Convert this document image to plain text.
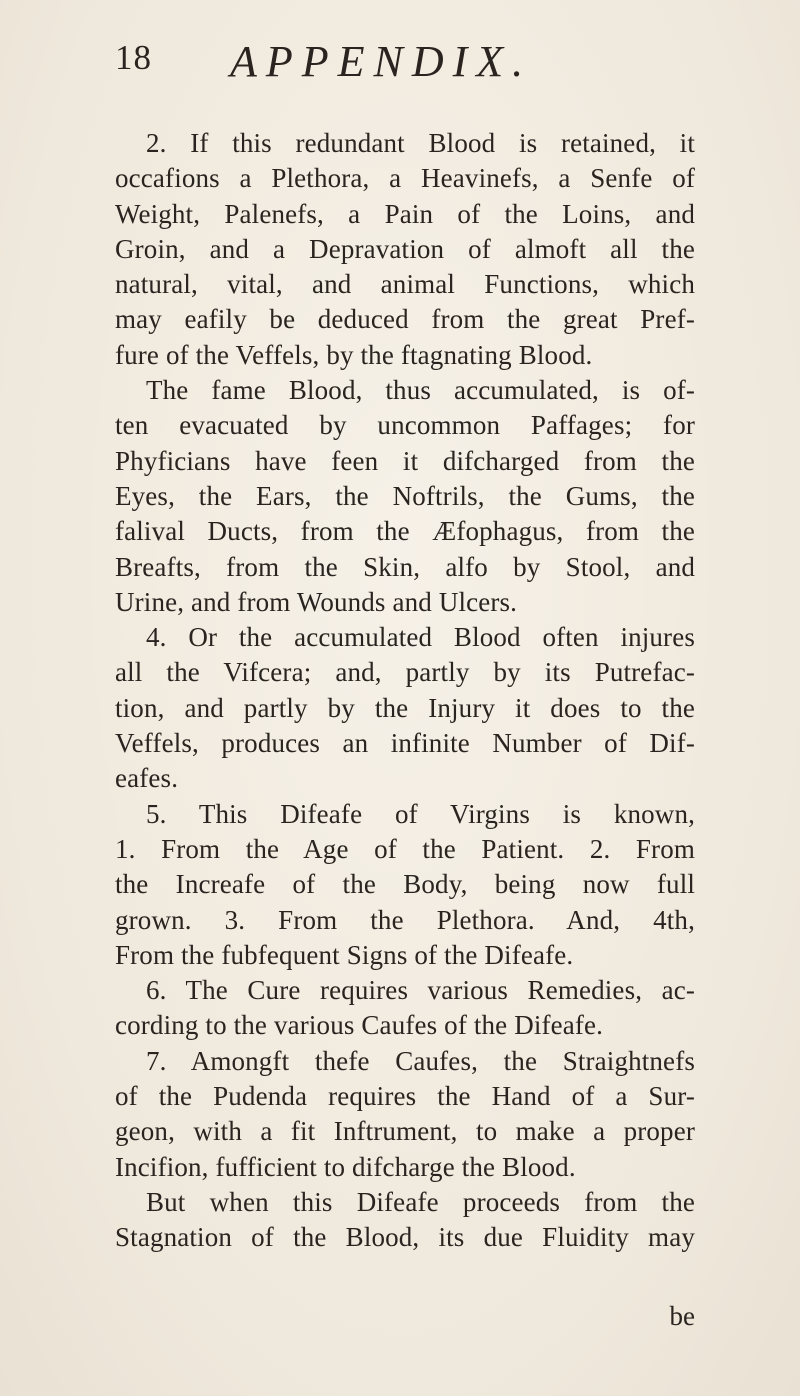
18 APPENDIX.
2. If this redundant Blood is retained, it
occafions a Plethora, a Heavinefs, a Senfe of
Weight, Palenefs, a Pain of the Loins, and
Groin, and a Depravation of almoft all the
natural, vital, and animal Functions, which
may eafily be deduced from the great Pref-
fure of the Veffels, by the ftagnating Blood.
The fame Blood, thus accumulated, is of-
ten evacuated by uncommon Paffages; for
Phyficians have feen it difcharged from the
Eyes, the Ears, the Noftrils, the Gums, the
falival Ducts, from the Æfophagus, from the
Breafts, from the Skin, alfo by Stool, and
Urine, and from Wounds and Ulcers.
4. Or the accumulated Blood often injures
all the Vifcera; and, partly by its Putrefac-
tion, and partly by the Injury it does to the
Veffels, produces an infinite Number of Dif-
eafes.
5. This Difeafe of Virgins is known,
1. From the Age of the Patient. 2. From
the Increafe of the Body, being now full
grown. 3. From the Plethora. And, 4th,
From the fubfequent Signs of the Difeafe.
6. The Cure requires various Remedies, ac-
cording to the various Caufes of the Difeafe.
7. Amongft thefe Caufes, the Straightnefs
of the Pudenda requires the Hand of a Sur-
geon, with a fit Inftrument, to make a proper
Incifion, fufficient to difcharge the Blood.
But when this Difeafe proceeds from the
Stagnation of the Blood, its due Fluidity may
be
